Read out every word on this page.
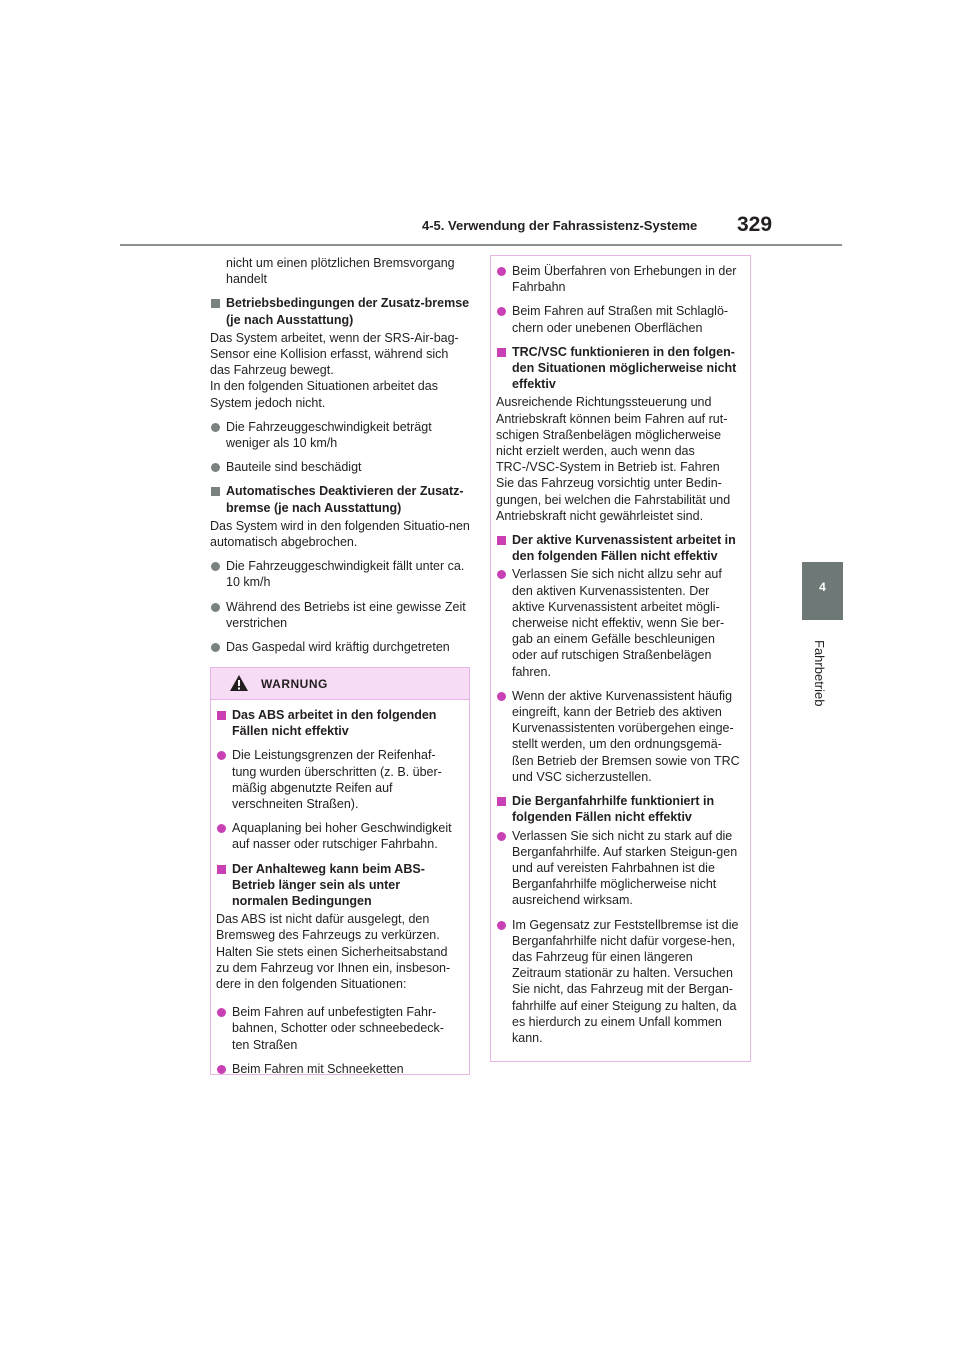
4-5. Verwendung der Fahrassistenz-Systeme 329
4
Fahrbetrieb
nicht um einen plötzlichen Bremsvorgang handelt
Betriebsbedingungen der Zusatz-bremse (je nach Ausstattung)
Das System arbeitet, wenn der SRS-Air-bag-Sensor eine Kollision erfasst, während sich das Fahrzeug bewegt.
In den folgenden Situationen arbeitet das System jedoch nicht.
Die Fahrzeuggeschwindigkeit beträgt weniger als 10 km/h
Bauteile sind beschädigt
Automatisches Deaktivieren der Zusatz-bremse (je nach Ausstattung)
Das System wird in den folgenden Situatio-nen automatisch abgebrochen.
Die Fahrzeuggeschwindigkeit fällt unter ca. 10 km/h
Während des Betriebs ist eine gewisse Zeit verstrichen
Das Gaspedal wird kräftig durchgetreten
WARNUNG
Das ABS arbeitet in den folgenden Fällen nicht effektiv
Die Leistungsgrenzen der Reifenhaf-tung wurden überschritten (z. B. über-mäßig abgenutzte Reifen auf verschneiten Straßen).
Aquaplaning bei hoher Geschwindigkeit auf nasser oder rutschiger Fahrbahn.
Der Anhalteweg kann beim ABS-Betrieb länger sein als unter normalen Bedingungen
Das ABS ist nicht dafür ausgelegt, den Bremsweg des Fahrzeugs zu verkürzen. Halten Sie stets einen Sicherheitsabstand zu dem Fahrzeug vor Ihnen ein, insbeson-dere in den folgenden Situationen:
Beim Fahren auf unbefestigten Fahr-bahnen, Schotter oder schneebedeck-ten Straßen
Beim Fahren mit Schneeketten
Beim Überfahren von Erhebungen in der Fahrbahn
Beim Fahren auf Straßen mit Schlaglö-chern oder unebenen Oberflächen
TRC/VSC funktionieren in den folgen-den Situationen möglicherweise nicht effektiv
Ausreichende Richtungssteuerung und Antriebskraft können beim Fahren auf rut-schigen Straßenbelägen möglicherweise nicht erzielt werden, auch wenn das TRC-/VSC-System in Betrieb ist. Fahren Sie das Fahrzeug vorsichtig unter Bedin-gungen, bei welchen die Fahrstabilität und Antriebskraft nicht gewährleistet sind.
Der aktive Kurvenassistent arbeitet in den folgenden Fällen nicht effektiv
Verlassen Sie sich nicht allzu sehr auf den aktiven Kurvenassistenten. Der aktive Kurvenassistent arbeitet mögli-cherweise nicht effektiv, wenn Sie ber-gab an einem Gefälle beschleunigen oder auf rutschigen Straßenbelägen fahren.
Wenn der aktive Kurvenassistent häufig eingreift, kann der Betrieb des aktiven Kurvenassistenten vorübergehen einge-stellt werden, um den ordnungsgemä-ßen Betrieb der Bremsen sowie von TRC und VSC sicherzustellen.
Die Berganfahrhilfe funktioniert in folgenden Fällen nicht effektiv
Verlassen Sie sich nicht zu stark auf die Berganfahrhilfe. Auf starken Steigun-gen und auf vereisten Fahrbahnen ist die Berganfahrhilfe möglicherweise nicht ausreichend wirksam.
Im Gegensatz zur Feststellbremse ist die Berganfahrhilfe nicht dafür vorgese-hen, das Fahrzeug für einen längeren Zeitraum stationär zu halten. Versuchen Sie nicht, das Fahrzeug mit der Bergan-fahrhilfe auf einer Steigung zu halten, da es hierdurch zu einem Unfall kommen kann.
